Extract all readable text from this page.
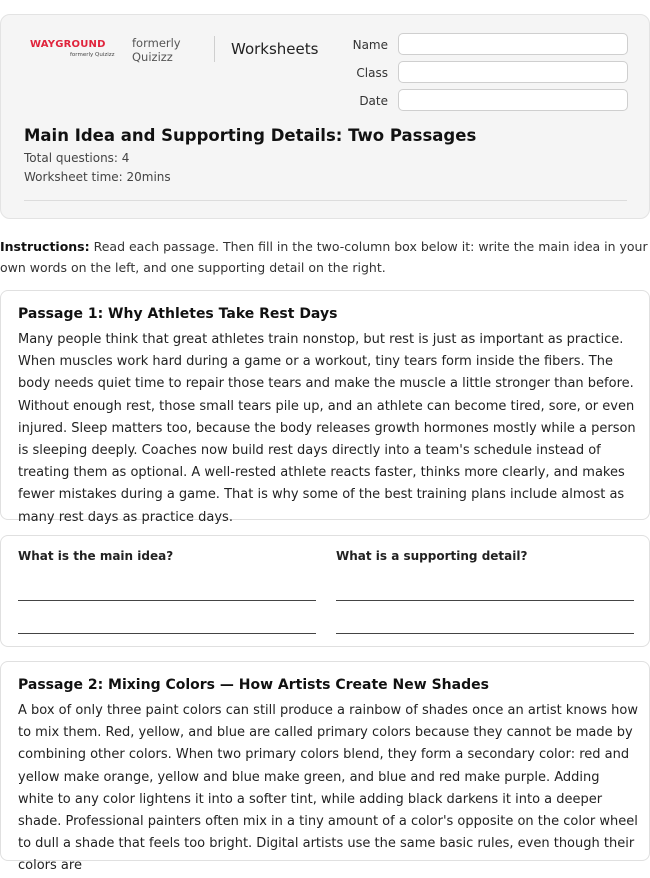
WAYGROUND
formerly Quizizz
formerly Quizizz	Worksheets	Name
Class
Date
Main Idea and Supporting Details: Two Passages
Total questions: 4
Worksheet time: 20mins
Instructions: Read each passage. Then fill in the two-column box below it: write the main idea in your own words on the left, and one supporting detail on the right.
Passage 1: Why Athletes Take Rest Days
Many people think that great athletes train nonstop, but rest is just as important as practice. When muscles work hard during a game or a workout, tiny tears form inside the fibers. The body needs quiet time to repair those tears and make the muscle a little stronger than before. Without enough rest, those small tears pile up, and an athlete can become tired, sore, or even injured. Sleep matters too, because the body releases growth hormones mostly while a person is sleeping deeply. Coaches now build rest days directly into a team's schedule instead of treating them as optional. A well-rested athlete reacts faster, thinks more clearly, and makes fewer mistakes during a game. That is why some of the best training plans include almost as many rest days as practice days.
What is the main idea?	What is a supporting detail?
Passage 2: Mixing Colors — How Artists Create New Shades
A box of only three paint colors can still produce a rainbow of shades once an artist knows how to mix them. Red, yellow, and blue are called primary colors because they cannot be made by combining other colors. When two primary colors blend, they form a secondary color: red and yellow make orange, yellow and blue make green, and blue and red make purple. Adding white to any color lightens it into a softer tint, while adding black darkens it into a deeper shade. Professional painters often mix in a tiny amount of a color's opposite on the color wheel to dull a shade that feels too bright. Digital artists use the same basic rules, even though their colors are
